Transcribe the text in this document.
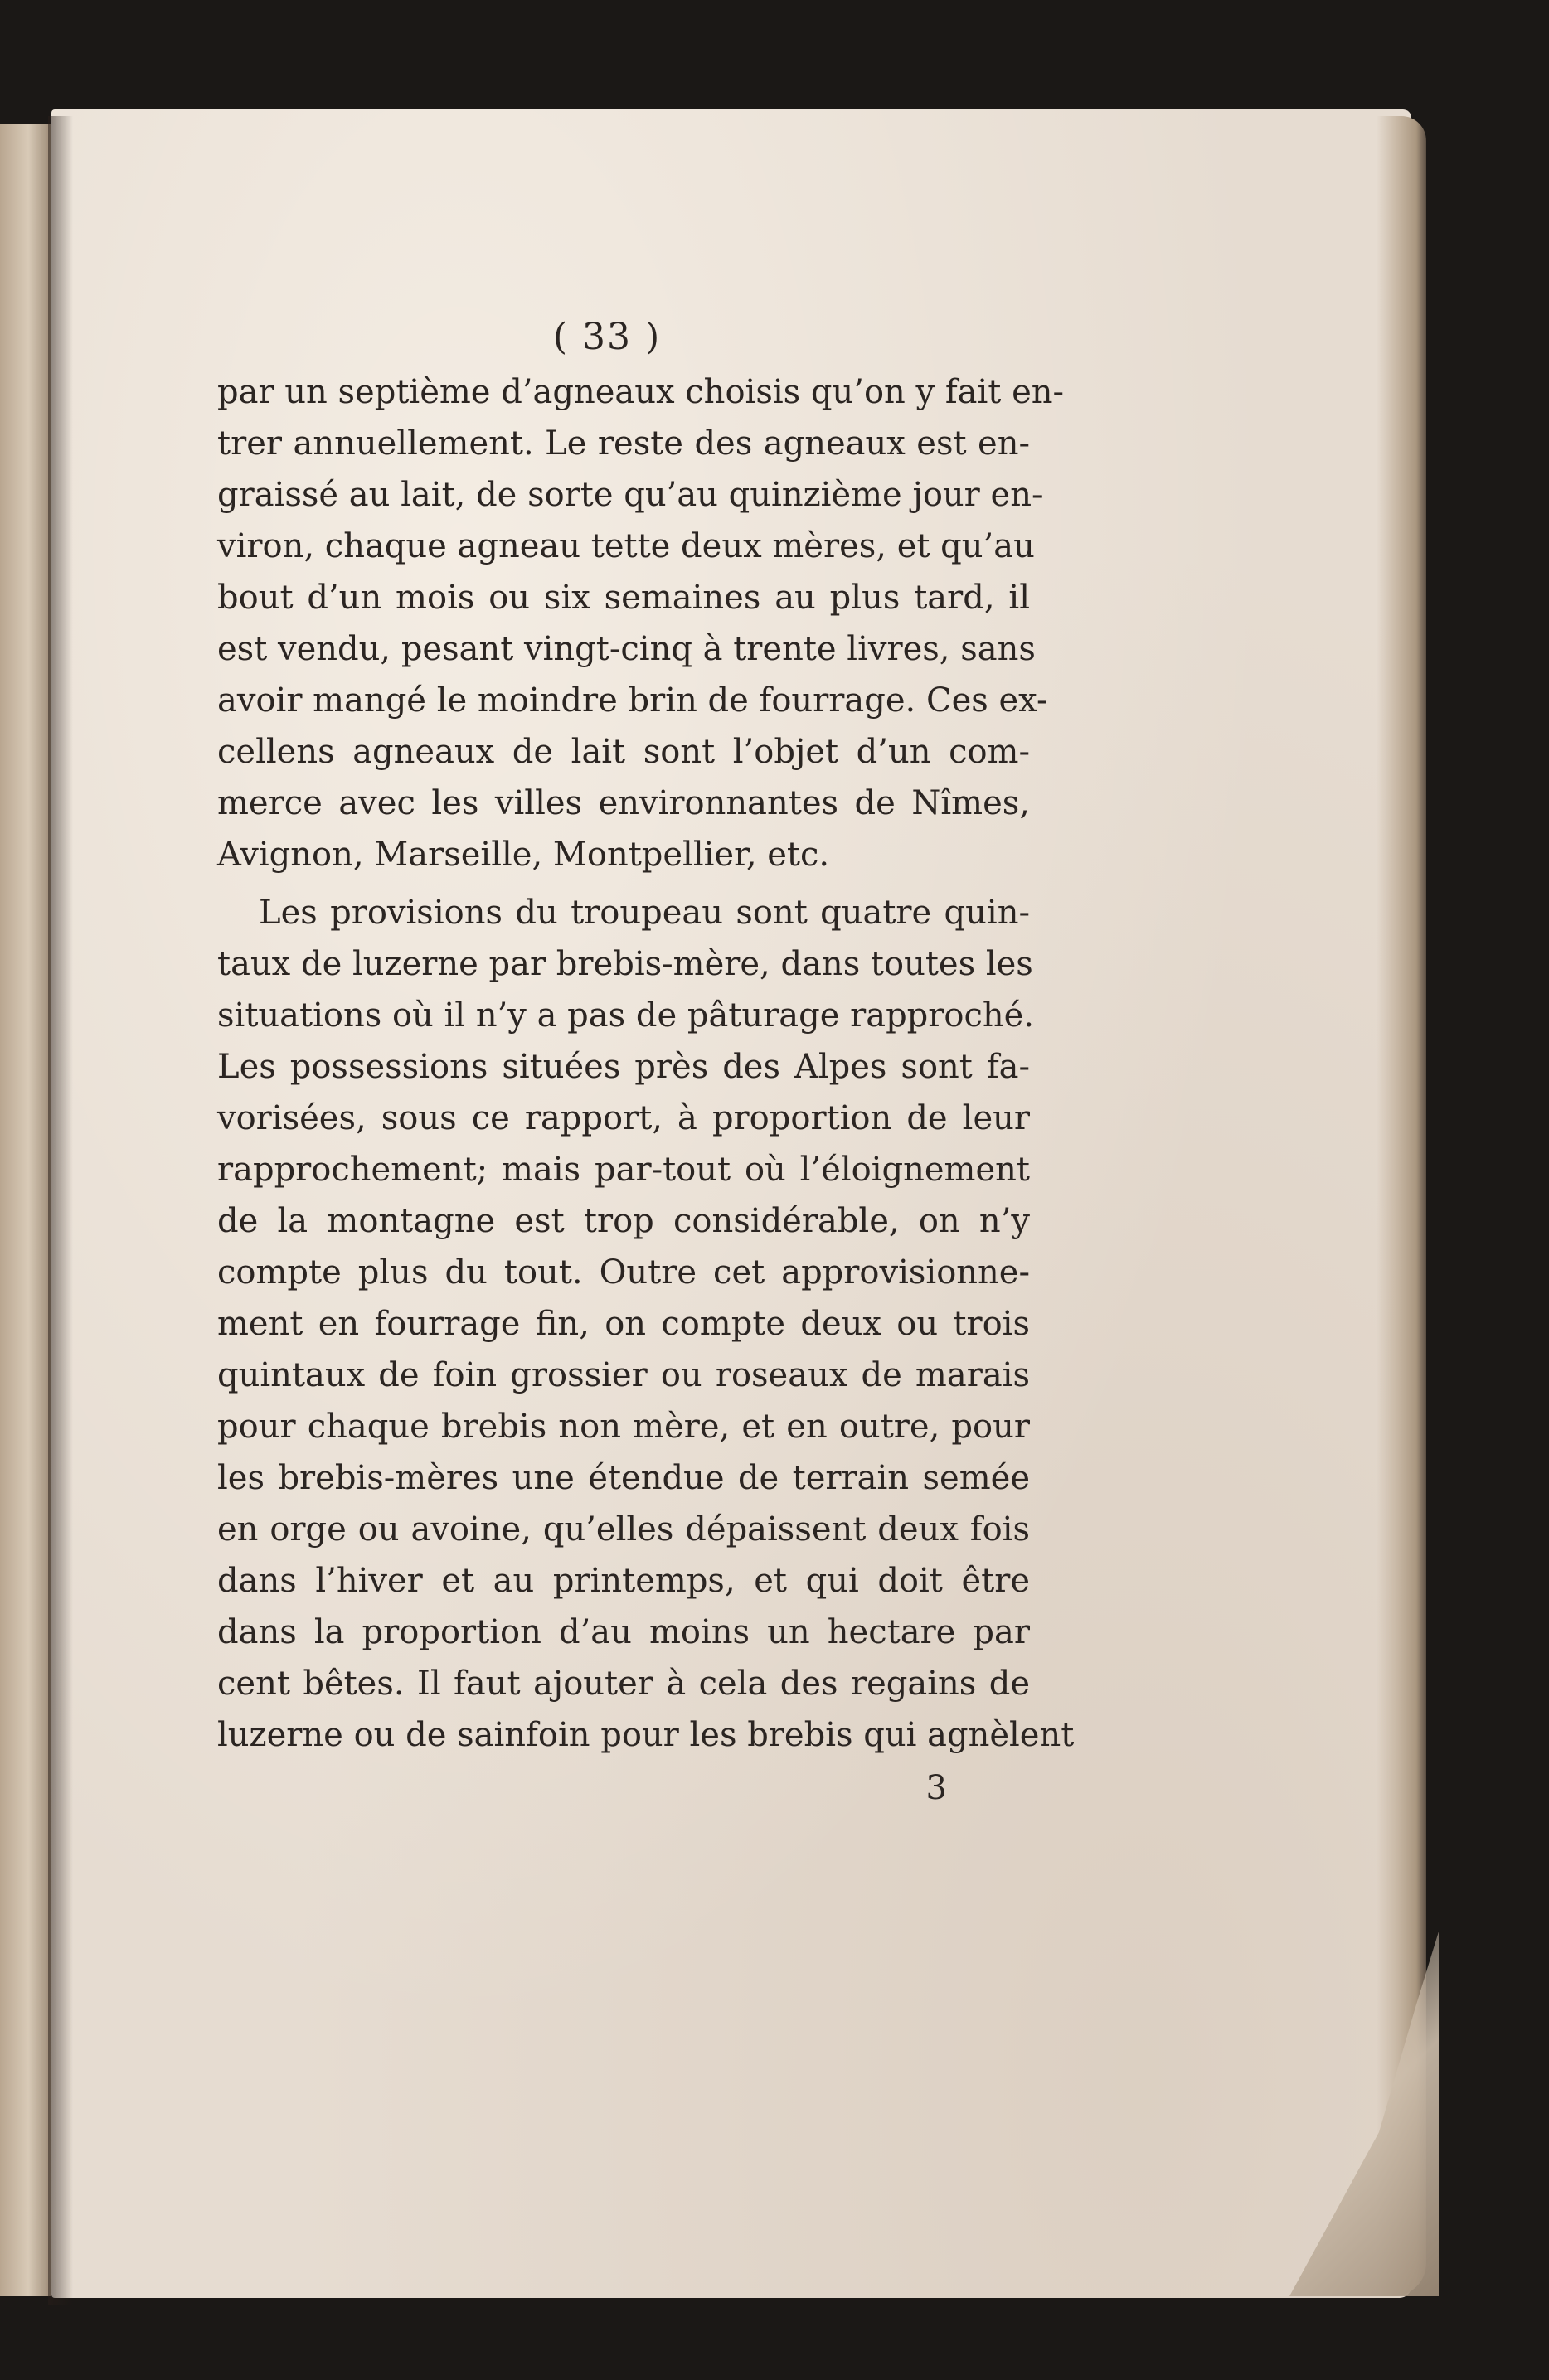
( 33 )
par un septième d’agneaux choisis qu’on y fait en-
trer annuellement. Le reste des agneaux est en-
graissé au lait, de sorte qu’au quinzième jour en-
viron, chaque agneau tette deux mères, et qu’au
bout d’un mois ou six semaines au plus tard, il
est vendu, pesant vingt-cinq à trente livres, sans
avoir mangé le moindre brin de fourrage. Ces ex-
cellens agneaux de lait sont l’objet d’un com-
merce avec les villes environnantes de Nîmes,
Avignon, Marseille, Montpellier, etc.
Les provisions du troupeau sont quatre quin-
taux de luzerne par brebis-mère, dans toutes les
situations où il n’y a pas de pâturage rapproché.
Les possessions situées près des Alpes sont fa-
vorisées, sous ce rapport, à proportion de leur
rapprochement; mais par-tout où l’éloignement
de la montagne est trop considérable, on n’y
compte plus du tout. Outre cet approvisionne-
ment en fourrage fin, on compte deux ou trois
quintaux de foin grossier ou roseaux de marais
pour chaque brebis non mère, et en outre, pour
les brebis-mères une étendue de terrain semée
en orge ou avoine, qu’elles dépaissent deux fois
dans l’hiver et au printemps, et qui doit être
dans la proportion d’au moins un hectare par
cent bêtes. Il faut ajouter à cela des regains de
luzerne ou de sainfoin pour les brebis qui agnèlent
3
